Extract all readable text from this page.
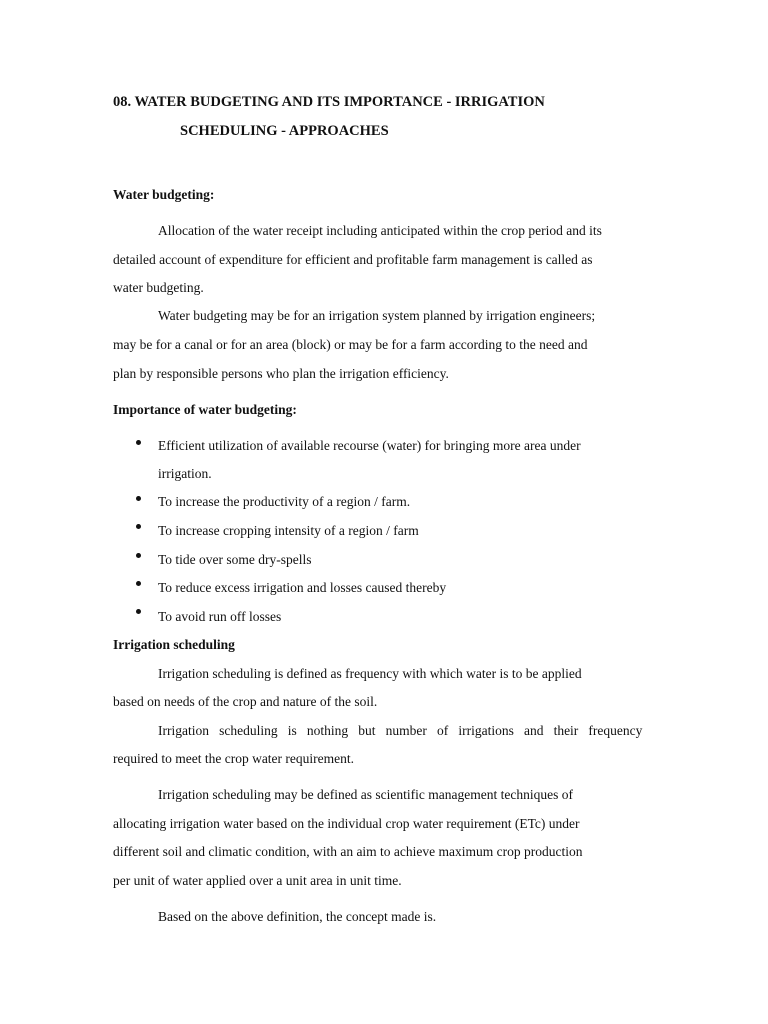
08. WATER BUDGETING AND ITS IMPORTANCE - IRRIGATION
SCHEDULING - APPROACHES
Water budgeting:
Allocation of the water receipt including anticipated within the crop period and its
detailed account of expenditure for efficient and profitable farm management is called as
water budgeting.
Water budgeting may be for an irrigation system planned by irrigation engineers;
may be for a canal or for an area (block) or may be for a farm according to the need and
plan by responsible persons who plan the irrigation efficiency.
Importance of water budgeting:
Efficient utilization of available recourse (water) for bringing more area under
irrigation.
To increase the productivity of a region / farm.
To increase cropping intensity of a region / farm
To tide over some dry-spells
To reduce excess irrigation and losses caused thereby
To avoid run off losses
Irrigation scheduling
Irrigation scheduling is defined as frequency with which water is to be applied
based on needs of the crop and nature of the soil.
Irrigation   scheduling   is   nothing   but   number   of   irrigations   and   their   frequency
required to meet the crop water requirement.
Irrigation scheduling may be defined as scientific management techniques of
allocating irrigation water based on the individual crop water requirement (ETc) under
different soil and climatic condition, with an aim to achieve maximum crop production
per unit of water applied over a unit area in unit time.
Based on the above definition, the concept made is.
